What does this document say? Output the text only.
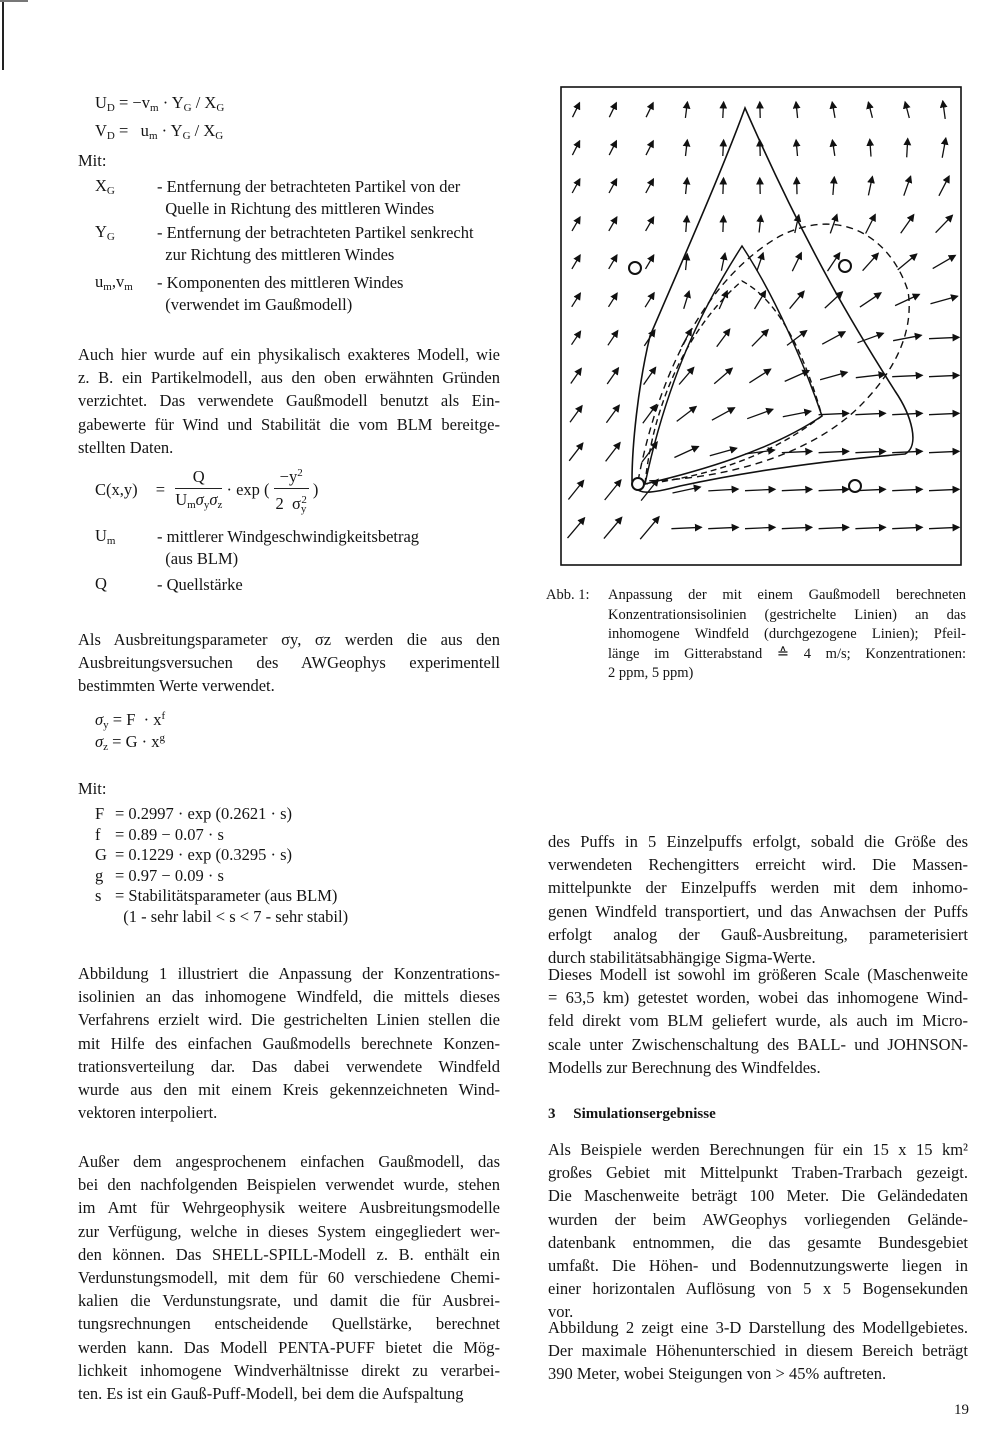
$U_D = -v_m \cdot Y_G / X_G$
$V_D = u_m \cdot Y_G / X_G$
Mit:
$X_G$	- Entfernung der betrachteten Partikel von der
Quelle in Richtung des mittleren Windes
$Y_G$	- Entfernung der betrachteten Partikel senkrecht
zur Richtung des mittleren Windes
$u_m,v_m$ - Komponenten des mittleren Windes
(verwendet im Gaußmodell)
Auch hier wurde auf ein physikalisch exakteres Modell, wie
z. B. ein Partikelmodell, aus den oben erwähnten Gründen
verzichtet. Das verwendete Gaußmodell benutzt als Ein-
gabewerte für Wind und Stabilität die vom BLM bereitge-
stellten Daten.
$C(x,y) = \frac{Q}{U_m\sigma_y\sigma_z} \cdot \exp$ ( $\frac{-y^2}{2 \sigma_y^2}$ )
$U_m$	- mittlerer Windgeschwindigkeitsbetrag
(aus BLM)
Q	- Quellstärke
Als Ausbreitungsparameter σy, σz werden die aus den
Ausbreitungsversuchen des AWGeophys experimentell
bestimmten Werte verwendet.
$\sigma_y = F \cdot x^f$
$\sigma_z = G \cdot x^g$
Mit:
F = 0.2997 · exp (0.2621 · s)
f = 0.89 − 0.07 · s
G = 0.1229 · exp (0.3295 · s)
g = 0.97 − 0.09 · s
s = Stabilitätsparameter (aus BLM)
(1 - sehr labil < s < 7 - sehr stabil)
Abbildung 1 illustriert die Anpassung der Konzentrations-
isolinien an das inhomogene Windfeld, die mittels dieses
Verfahrens erzielt wird. Die gestrichelten Linien stellen die
mit Hilfe des einfachen Gaußmodells berechnete Konzen-
trationsverteilung dar. Das dabei verwendete Windfeld
wurde aus den mit einem Kreis gekennzeichneten Wind-
vektoren interpoliert.
Außer dem angesprochenem einfachen Gaußmodell, das
bei den nachfolgenden Beispielen verwendet wurde, stehen
im Amt für Wehrgeophysik weitere Ausbreitungsmodelle
zur Verfügung, welche in dieses System eingegliedert wer-
den können. Das SHELL-SPILL-Modell z. B. enthält ein
Verdunstungsmodell, mit dem für 60 verschiedene Chemi-
kalien die Verdunstungsrate, und damit die für Ausbrei-
tungsrechnungen entscheidende Quellstärke, berechnet
werden kann. Das Modell PENTA-PUFF bietet die Mög-
lichkeit inhomogene Windverhältnisse direkt zu verarbei-
ten. Es ist ein Gauß-Puff-Modell, bei dem die Aufspaltung
Abb. 1: Anpassung der mit einem Gaußmodell berechneten
Konzentrationsisolinien (gestrichelte Linien) an das
inhomogene Windfeld (durchgezogene Linien); Pfeil-
länge im Gitterabstand ≙ 4 m/s; Konzentrationen:
2 ppm, 5 ppm)
des Puffs in 5 Einzelpuffs erfolgt, sobald die Größe des
verwendeten Rechengitters erreicht wird. Die Massen-
mittelpunkte der Einzelpuffs werden mit dem inhomo-
genen Windfeld transportiert, und das Anwachsen der Puffs
erfolgt analog der Gauß-Ausbreitung, parameterisiert
durch stabilitätsabhängige Sigma-Werte.
Dieses Modell ist sowohl im größeren Scale (Maschenweite
= 63,5 km) getestet worden, wobei das inhomogene Wind-
feld direkt vom BLM geliefert wurde, als auch im Micro-
scale unter Zwischenschaltung des BALL- und JOHNSON-
Modells zur Berechnung des Windfeldes.
3 Simulationsergebnisse
Als Beispiele werden Berechnungen für ein 15 x 15 km²
großes Gebiet mit Mittelpunkt Traben-Trarbach gezeigt.
Die Maschenweite beträgt 100 Meter. Die Geländedaten
wurden der beim AWGeophys vorliegenden Gelände-
datenbank entnommen, die das gesamte Bundesgebiet
umfaßt. Die Höhen- und Bodennutzungswerte liegen in
einer horizontalen Auflösung von 5 x 5 Bogensekunden
vor.
Abbildung 2 zeigt eine 3-D Darstellung des Modellgebietes.
Der maximale Höhenunterschied in diesem Bereich beträgt
390 Meter, wobei Steigungen von > 45% auftreten.
19
